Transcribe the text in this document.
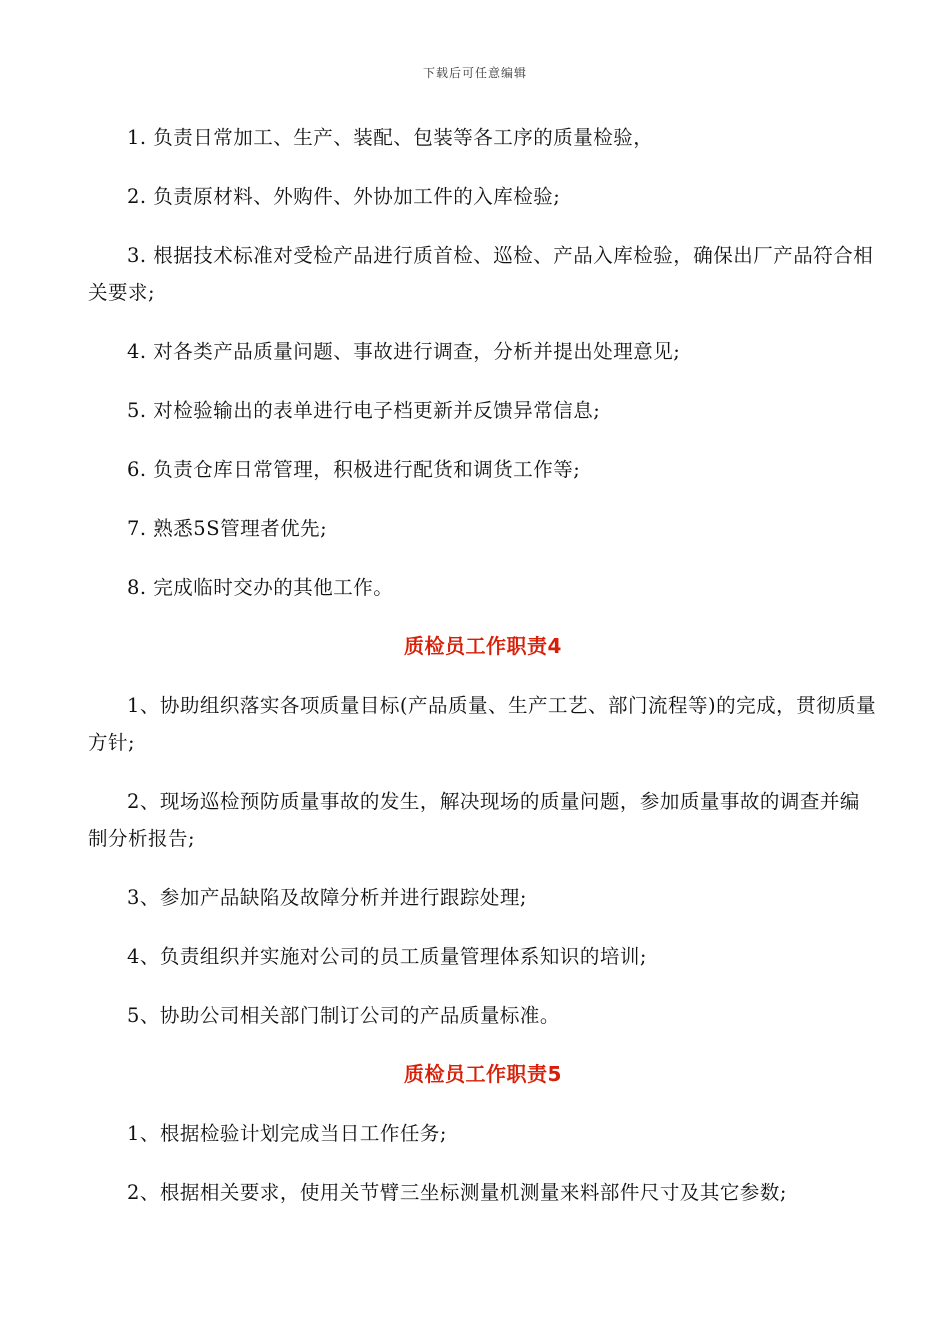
下载后可任意编辑

1. 负责日常加工、生产、装配、包装等各工序的质量检验，

2. 负责原材料、外购件、外协加工件的入库检验;

3. 根据技术标准对受检产品进行质首检、巡检、产品入库检验，确保出厂产品符合相关要求;

4. 对各类产品质量问题、事故进行调查，分析并提出处理意见;

5. 对检验输出的表单进行电子档更新并反馈异常信息;

6. 负责仓库日常管理，积极进行配货和调货工作等;

7. 熟悉5S管理者优先;

8. 完成临时交办的其他工作。

质检员工作职责4

1、协助组织落实各项质量目标(产品质量、生产工艺、部门流程等)的完成，贯彻质量方针;

2、现场巡检预防质量事故的发生，解决现场的质量问题，参加质量事故的调查并编制分析报告;

3、参加产品缺陷及故障分析并进行跟踪处理;

4、负责组织并实施对公司的员工质量管理体系知识的培训;

5、协助公司相关部门制订公司的产品质量标准。

质检员工作职责5

1、根据检验计划完成当日工作任务;

2、根据相关要求，使用关节臂三坐标测量机测量来料部件尺寸及其它参数;
